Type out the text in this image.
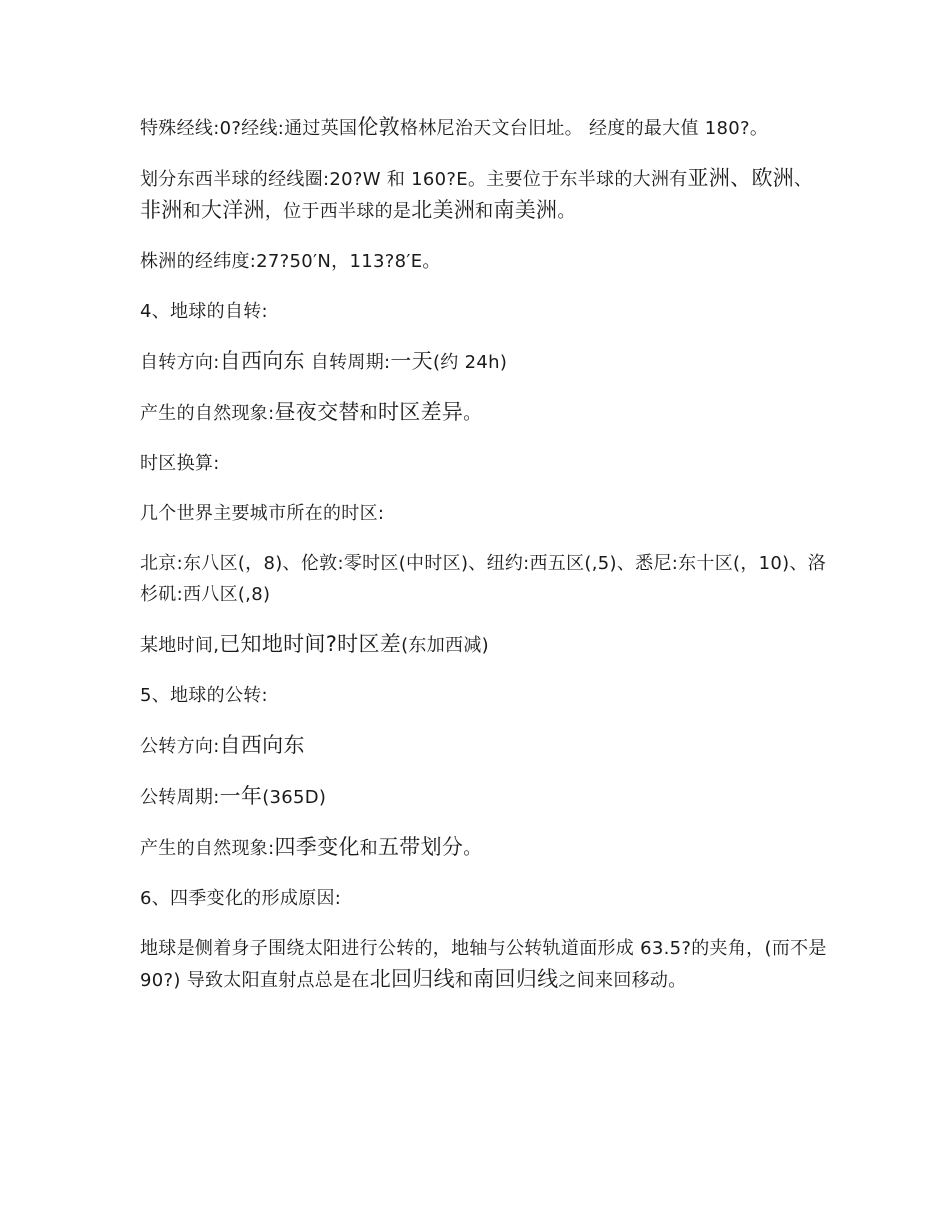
特殊经线:0?经线:通过英国伦敦格林尼治天文台旧址。 经度的最大值 180?。

划分东西半球的经线圈:20?W 和 160?E。主要位于东半球的大洲有亚洲、欧洲、非洲和大洋洲，位于西半球的是北美洲和南美洲。

株洲的经纬度:27?50′N，113?8′E。

4、地球的自转:

自转方向:自西向东 自转周期:一天(约 24h)

产生的自然现象:昼夜交替和时区差异。

时区换算:

几个世界主要城市所在的时区:

北京:东八区(，8)、伦敦:零时区(中时区)、纽约:西五区(,5)、悉尼:东十区(，10)、洛杉矶:西八区(,8)

某地时间,已知地时间?时区差(东加西减)

5、地球的公转:

公转方向:自西向东

公转周期:一年(365D)

产生的自然现象:四季变化和五带划分。

6、四季变化的形成原因:

地球是侧着身子围绕太阳进行公转的，地轴与公转轨道面形成 63.5?的夹角，(而不是 90?) 导致太阳直射点总是在北回归线和南回归线之间来回移动。
